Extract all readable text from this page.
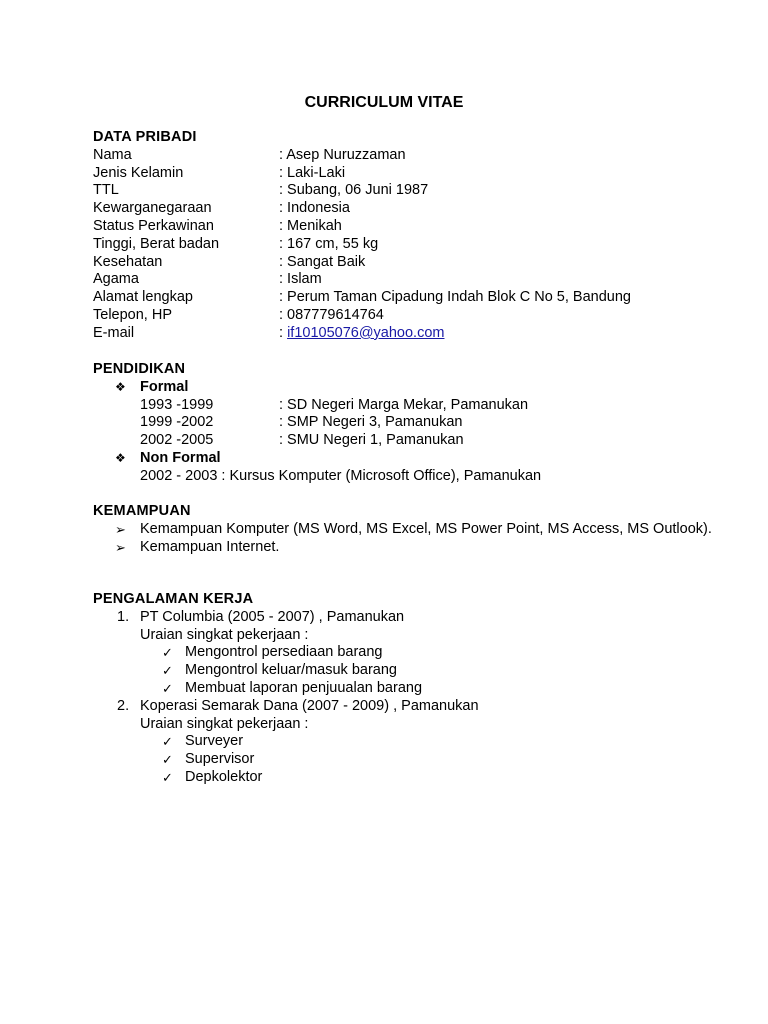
CURRICULUM VITAE
DATA PRIBADI
Nama	: Asep Nuruzzaman
Jenis Kelamin	: Laki-Laki
TTL	: Subang, 06 Juni 1987
Kewarganegaraan	: Indonesia
Status Perkawinan	: Menikah
Tinggi, Berat badan	: 167 cm, 55 kg
Kesehatan	: Sangat Baik
Agama	: Islam
Alamat lengkap	: Perum Taman Cipadung Indah Blok C No 5, Bandung
Telepon, HP	: 087779614764
E-mail	: if10105076@yahoo.com
PENDIDIKAN
❖ Formal
1993 -1999	: SD Negeri Marga Mekar, Pamanukan
1999 -2002	: SMP Negeri 3, Pamanukan
2002 -2005	: SMU Negeri 1, Pamanukan
❖ Non Formal
2002 - 2003 : Kursus Komputer (Microsoft Office), Pamanukan
KEMAMPUAN
➢ Kemampuan Komputer (MS Word, MS Excel, MS Power Point, MS Access, MS Outlook).
➢ Kemampuan Internet.
PENGALAMAN KERJA
1. PT Columbia (2005 - 2007) , Pamanukan
Uraian singkat pekerjaan :
✓ Mengontrol persediaan barang
✓ Mengontrol keluar/masuk barang
✓ Membuat laporan penjuualan barang
2. Koperasi Semarak Dana (2007 - 2009) , Pamanukan
Uraian singkat pekerjaan :
✓ Surveyer
✓ Supervisor
✓ Depkolektor
